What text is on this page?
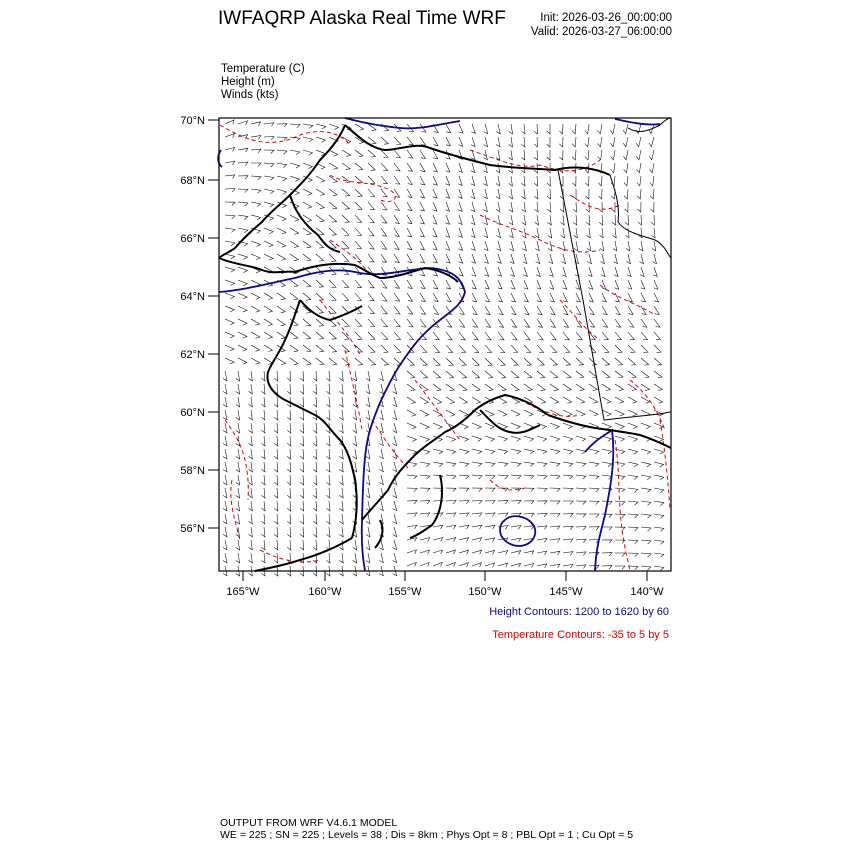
IWFAQRP Alaska Real Time WRF	Init: 2026-03-26_00:00:00
Valid: 2026-03-27_06:00:00
Temperature (C)
Height (m)
Winds (kts)
70°N
68°N
66°N
64°N
62°N
60°N
58°N
56°N
165°W	160°W	155°W	150°W	145°W	140°W
Height Contours: 1200 to 1620 by 60
Temperature Contours: -35 to 5 by 5
OUTPUT FROM WRF V4.6.1 MODEL
WE = 225 ; SN = 225 ; Levels = 38 ; Dis = 8km ; Phys Opt = 8 ; PBL Opt = 1 ; Cu Opt = 5
